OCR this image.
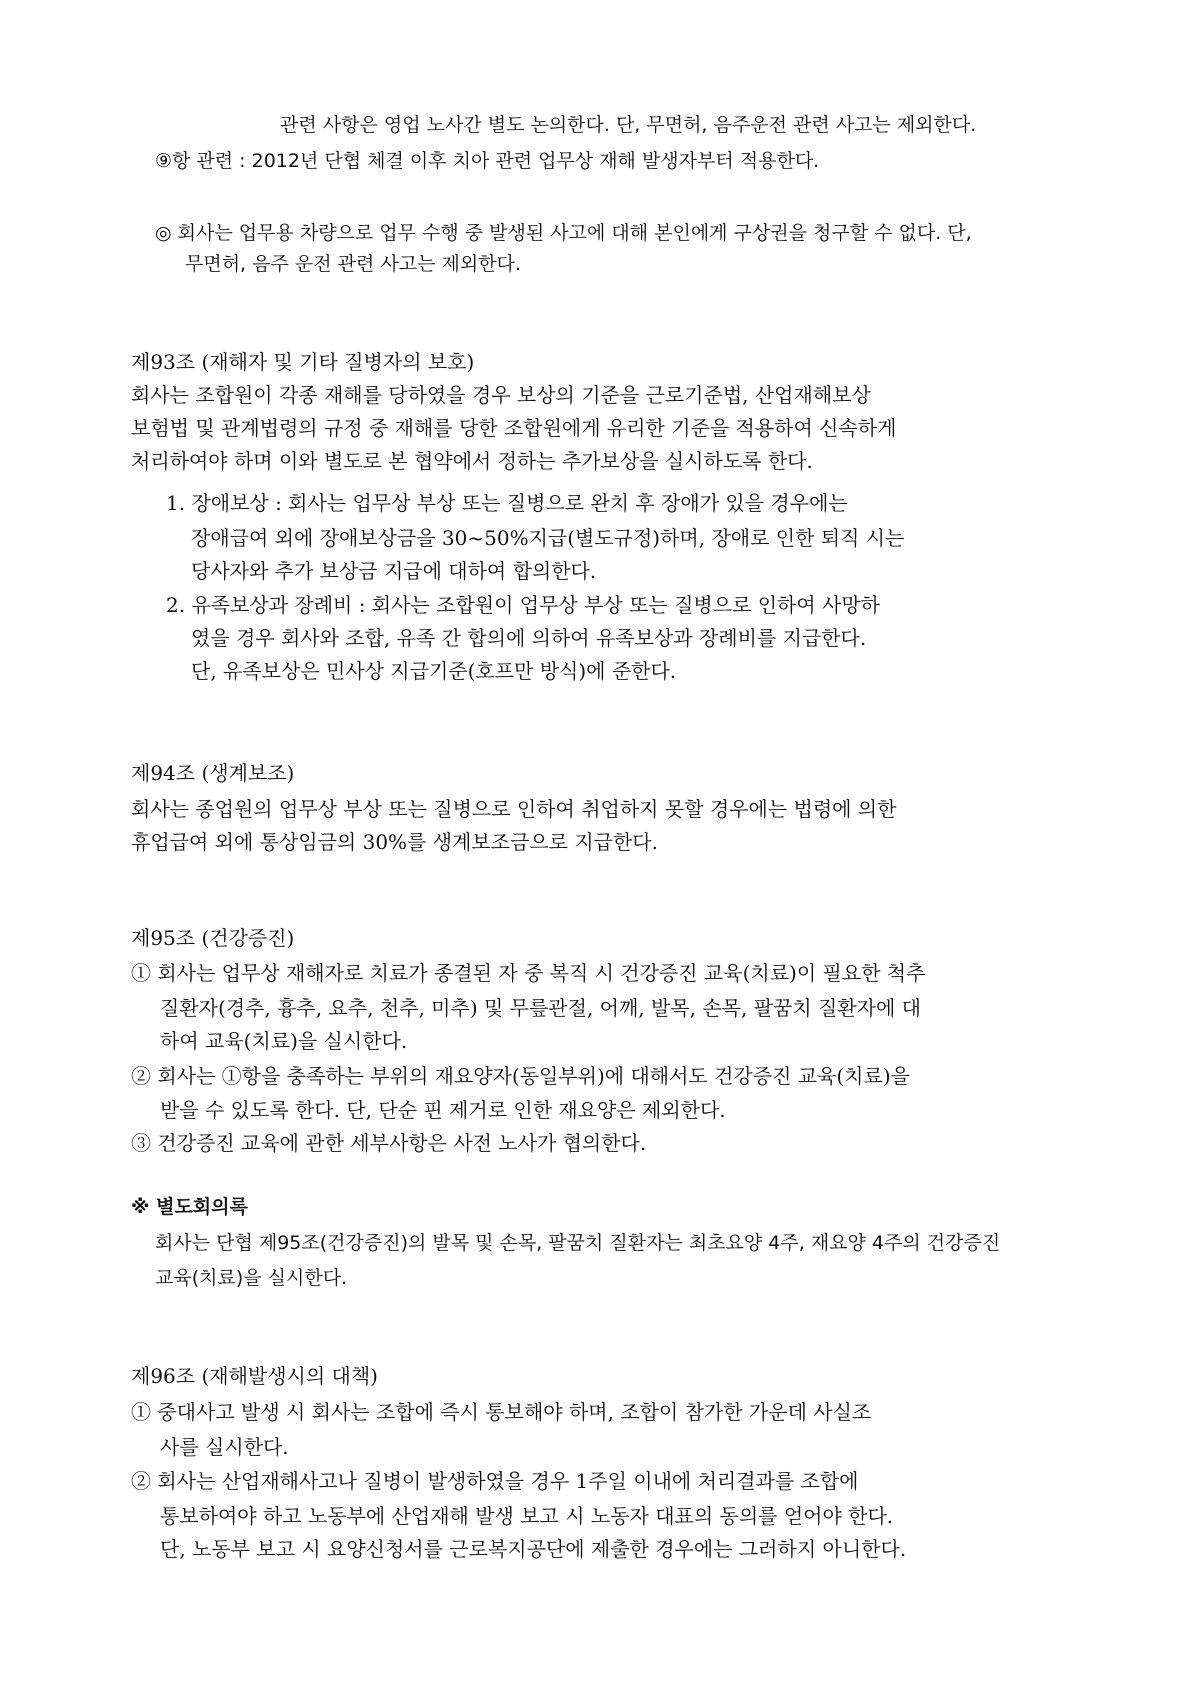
관련 사항은 영업 노사간 별도 논의한다. 단, 무면허, 음주운전 관련 사고는 제외한다.
⑨항 관련 : 2012년 단협 체결 이후 치아 관련 업무상 재해 발생자부터 적용한다.
◎ 회사는 업무용 차량으로 업무 수행 중 발생된 사고에 대해 본인에게 구상권을 청구할 수 없다. 단,
무면허, 음주 운전 관련 사고는 제외한다.
제93조 (재해자 및 기타 질병자의 보호)
회사는 조합원이 각종 재해를 당하였을 경우 보상의 기준을 근로기준법, 산업재해보상
보험법 및 관계법령의 규정 중 재해를 당한 조합원에게 유리한 기준을 적용하여 신속하게
처리하여야 하며 이와 별도로 본 협약에서 정하는 추가보상을 실시하도록 한다.
1. 장애보상 : 회사는 업무상 부상 또는 질병으로 완치 후 장애가 있을 경우에는
장애급여 외에 장애보상금을 30~50%지급(별도규정)하며, 장애로 인한 퇴직 시는
당사자와 추가 보상금 지급에 대하여 합의한다.
2. 유족보상과 장례비 : 회사는 조합원이 업무상 부상 또는 질병으로 인하여 사망하
였을 경우 회사와 조합, 유족 간 합의에 의하여 유족보상과 장례비를 지급한다.
단, 유족보상은 민사상 지급기준(호프만 방식)에 준한다.
제94조 (생계보조)
회사는 종업원의 업무상 부상 또는 질병으로 인하여 취업하지 못할 경우에는 법령에 의한
휴업급여 외에 통상임금의 30%를 생계보조금으로 지급한다.
제95조 (건강증진)
① 회사는 업무상 재해자로 치료가 종결된 자 중 복직 시 건강증진 교육(치료)이 필요한 척추
질환자(경추, 흉추, 요추, 천추, 미추) 및 무릎관절, 어깨, 발목, 손목, 팔꿈치 질환자에 대
하여 교육(치료)을 실시한다.
② 회사는 ①항을 충족하는 부위의 재요양자(동일부위)에 대해서도 건강증진 교육(치료)을
받을 수 있도록 한다. 단, 단순 핀 제거로 인한 재요양은 제외한다.
③ 건강증진 교육에 관한 세부사항은 사전 노사가 협의한다.
※ 별도회의록
회사는 단협 제95조(건강증진)의 발목 및 손목, 팔꿈치 질환자는 최초요양 4주, 재요양 4주의 건강증진
교육(치료)을 실시한다.
제96조 (재해발생시의 대책)
① 중대사고 발생 시 회사는 조합에 즉시 통보해야 하며, 조합이 참가한 가운데 사실조
사를 실시한다.
② 회사는 산업재해사고나 질병이 발생하였을 경우 1주일 이내에 처리결과를 조합에
통보하여야 하고 노동부에 산업재해 발생 보고 시 노동자 대표의 동의를 얻어야 한다.
단, 노동부 보고 시 요양신청서를 근로복지공단에 제출한 경우에는 그러하지 아니한다.
